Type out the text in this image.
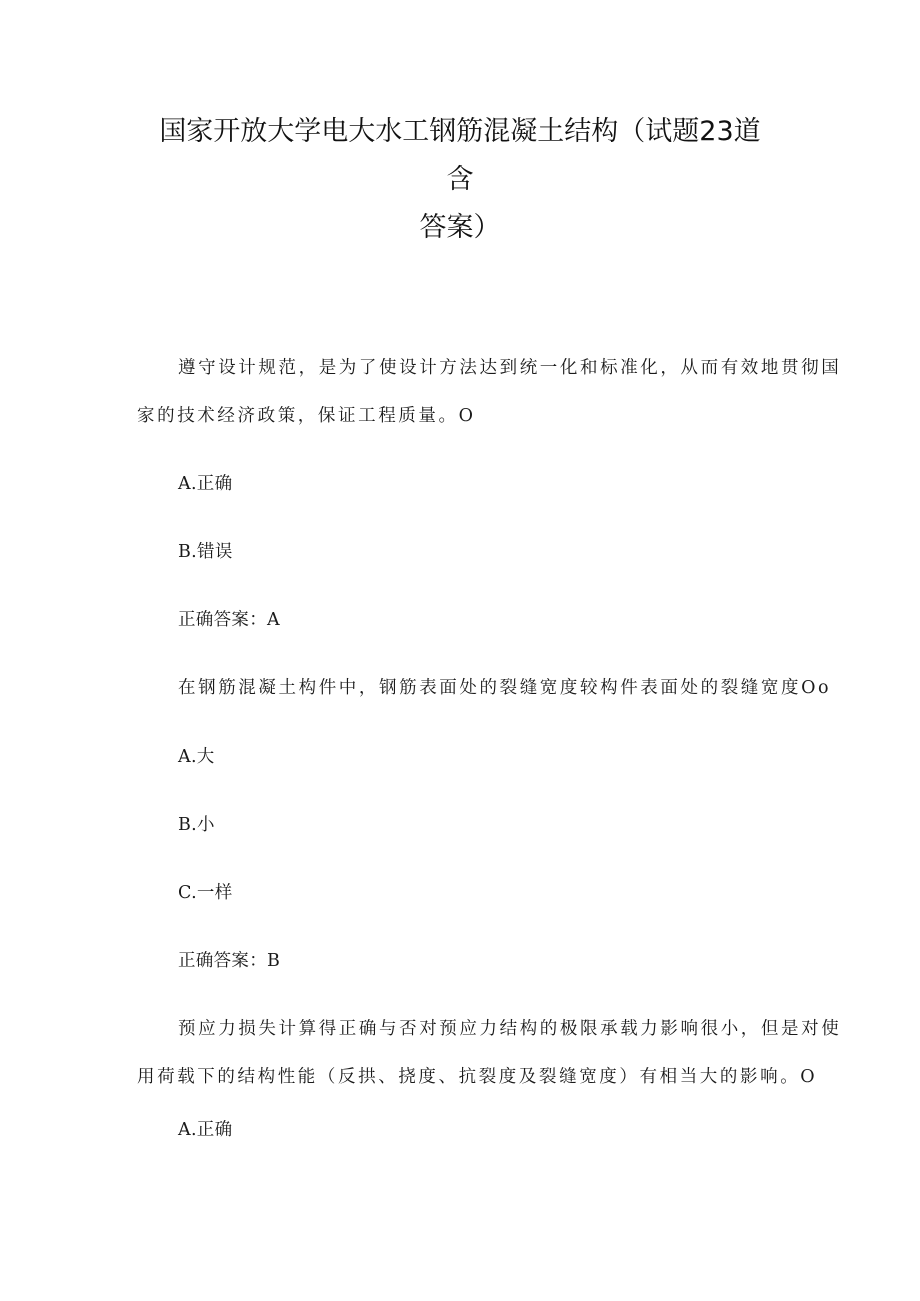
国家开放大学电大水工钢筋混凝土结构（试题23道
含
答案）
遵守设计规范，是为了使设计方法达到统一化和标准化，从而有效地贯彻国
家的技术经济政策，保证工程质量。O
A.正确
B.错误
正确答案：A
在钢筋混凝土构件中，钢筋表面处的裂缝宽度较构件表面处的裂缝宽度Oo
A.大
B.小
C.一样
正确答案：B
预应力损失计算得正确与否对预应力结构的极限承载力影响很小，但是对使
用荷载下的结构性能（反拱、挠度、抗裂度及裂缝宽度）有相当大的影响。O
A.正确
